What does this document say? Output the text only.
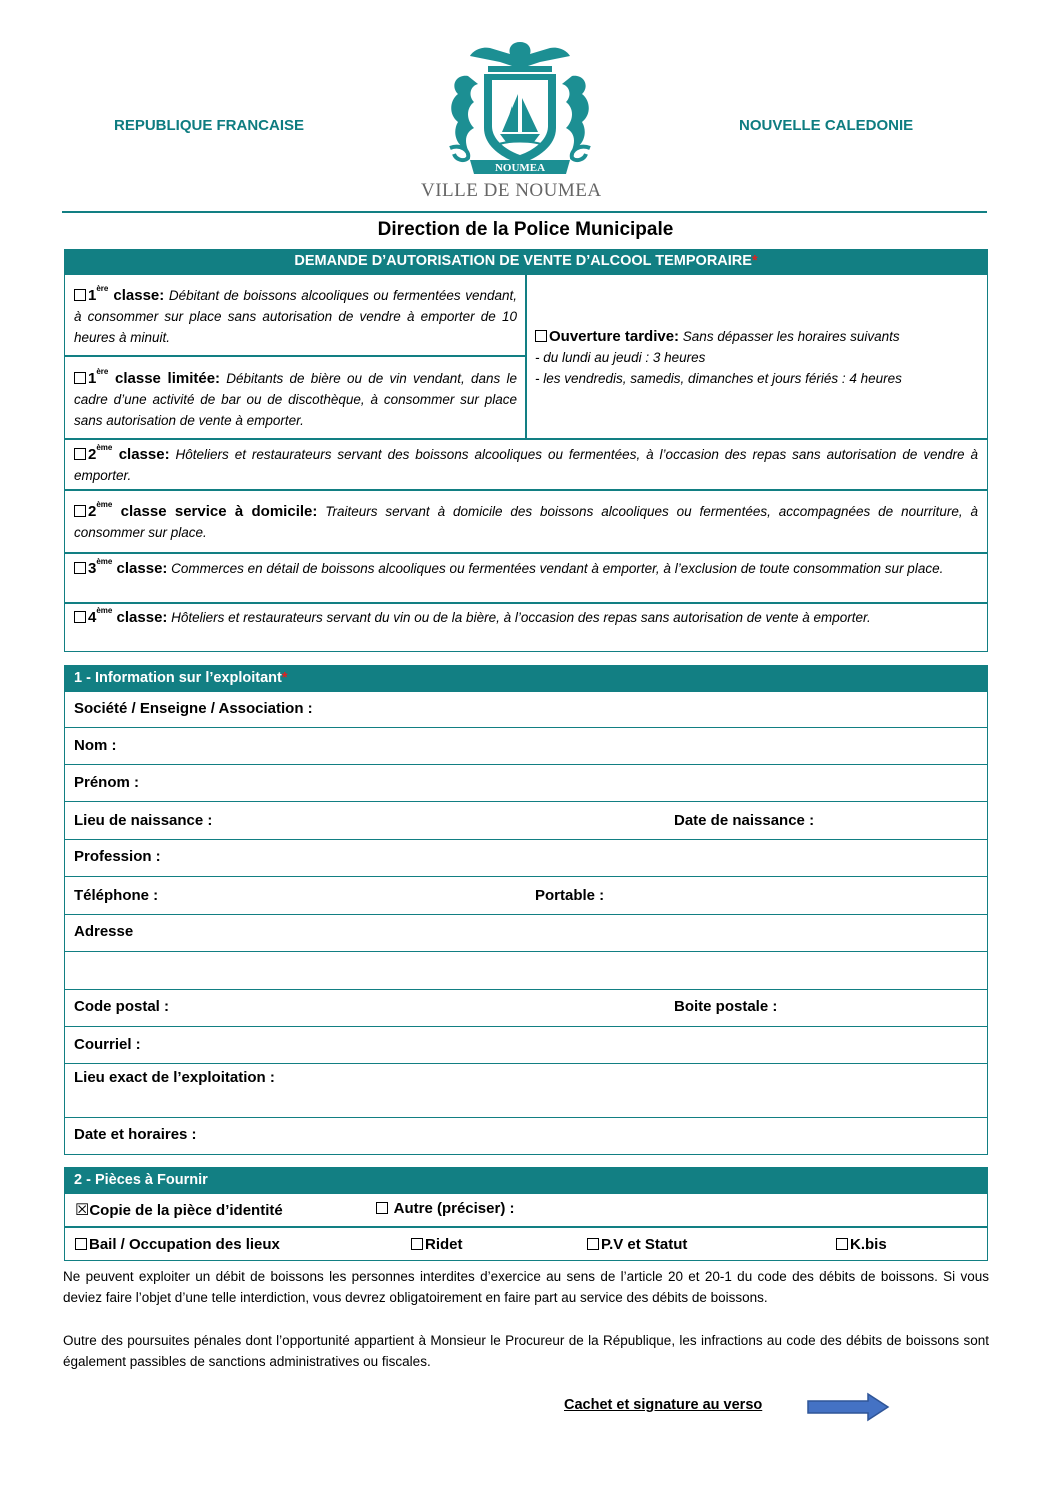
REPUBLIQUE FRANCAISE	NOUVELLE CALEDONIE
NOUMEA
VILLE DE NOUMEA
Direction de la Police Municipale
DEMANDE D’AUTORISATION DE VENTE D’ALCOOL TEMPORAIRE*
1ère classe: Débitant de boissons alcooliques ou fermentées vendant, à consommer sur place sans autorisation de vendre à emporter de 10 heures à minuit.
1ère classe limitée: Débitants de bière ou de vin vendant, dans le cadre d’une activité de bar ou de discothèque, à consommer sur place sans autorisation de vente à emporter.
Ouverture tardive: Sans dépasser les horaires suivants
- du lundi au jeudi : 3 heures
- les vendredis, samedis, dimanches et jours fériés : 4 heures
2ème classe: Hôteliers et restaurateurs servant des boissons alcooliques ou fermentées, à l’occasion des repas sans autorisation de vendre à emporter.
2ème classe service à domicile: Traiteurs servant à domicile des boissons alcooliques ou fermentées, accompagnées de nourriture, à consommer sur place.
3ème classe: Commerces en détail de boissons alcooliques ou fermentées vendant à emporter, à l’exclusion de toute consommation sur place.
4ème classe: Hôteliers et restaurateurs servant du vin ou de la bière, à l’occasion des repas sans autorisation de vente à emporter.
1 - Information sur l’exploitant*
Société / Enseigne / Association :
Nom :
Prénom :
Lieu de naissance :	Date de naissance :
Profession :
Téléphone :	Portable :
Adresse
Code postal :	Boite postale :
Courriel :
Lieu exact de l’exploitation :
Date et horaires :
2 - Pièces à Fournir
☒Copie de la pièce d’identité	Autre (préciser) :
Bail / Occupation des lieux	Ridet	P.V et Statut	K.bis
Ne peuvent exploiter un débit de boissons les personnes interdites d’exercice au sens de l’article 20 et 20-1 du code des débits de boissons. Si vous deviez faire l’objet d’une telle interdiction, vous devrez obligatoirement en faire part au service des débits de boissons.
Outre des poursuites pénales dont l’opportunité appartient à Monsieur le Procureur de la République, les infractions au code des débits de boissons sont également passibles de sanctions administratives ou fiscales.
Cachet et signature au verso
